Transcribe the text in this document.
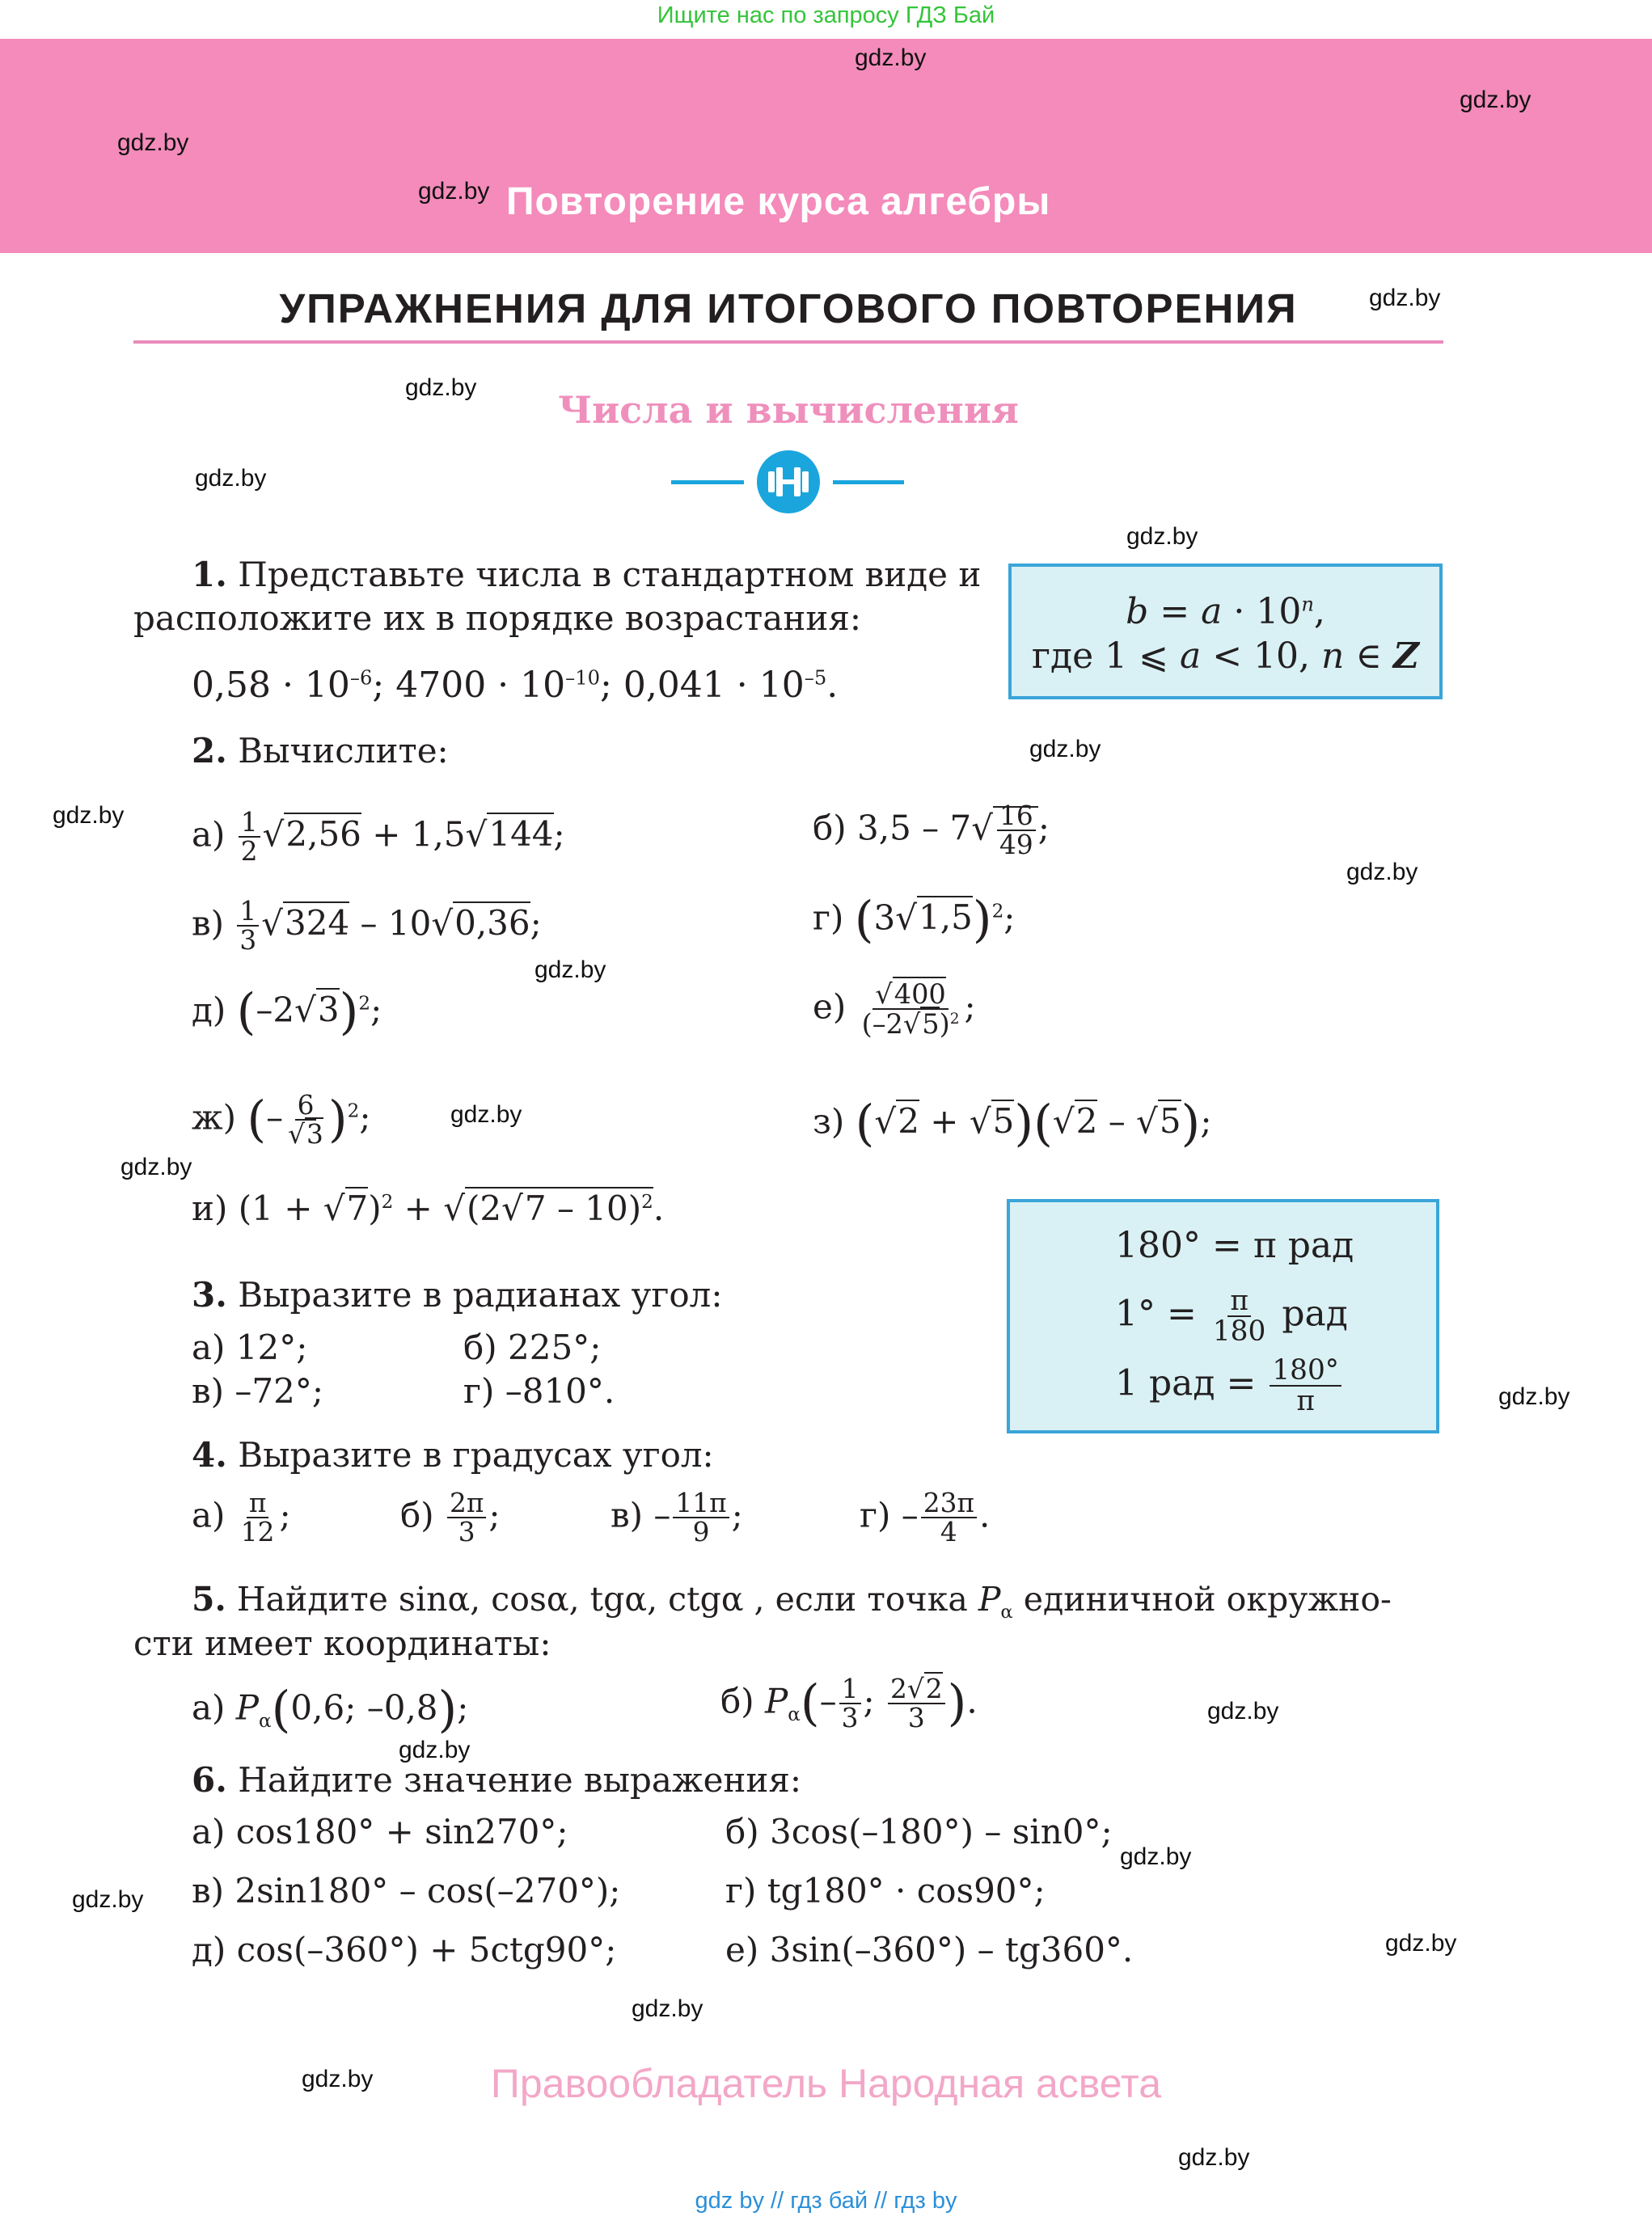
Ищите нас по запросу ГДЗ Бай
Повторение курса алгебры
УПРАЖНЕНИЯ ДЛЯ ИТОГОВОГО ПОВТОРЕНИЯ
Числа и вычисления
gdz.by
gdz.by
gdz.by
gdz.by
gdz.by
gdz.by
gdz.by
gdz.by
gdz.by
gdz.by
gdz.by
gdz.by
gdz.by
gdz.by
gdz.by
gdz.by
gdz.by
gdz.by
gdz.by
gdz.by
gdz.by
gdz.by
gdz.by
$b = a \cdot 10^n$,
где 1 ⩽ a < 10, n ∈ Z
1. Представьте числа в стандартном виде и
расположите их в порядке возрастания:
$0,58 \cdot 10^{-6}$; $4700 \cdot 10^{-10}$; $0,041 \cdot 10^{-5}$.
2. Вычислите:
$а) \frac{1}{2} √2,56 + 1,5√144$;	б) $3,5 - 7√ \frac{16}{49}$ ;
$в) \frac{1}{3} √324 - 10√0,36$;	г) $(3√1,5)^2$;
д) $(-2√3)^2$;	$е) \frac{√400}{(-2√5)^2}$ ;
ж) (– $\frac{6}{√3} )^2$;	з) (√2 + √5)(√2 – √5);
и) $(1 + √7)^2 + √(2√7 - 10)^2$.
180° = π рад
$1^\circ = \frac{\pi}{180}$ рад
1 рад = $\frac{180^\circ}{\pi}$
3. Выразите в радианах угол:
а) 12°;	б) 225°;
в) –72°;	г) –810°.
4. Выразите в градусах угол:
$а) \frac{\pi}{12}$ ;	$б) \frac{2\pi}{3}$ ;	$в) - \frac{11\pi}{9}$ ;	$г) - \frac{23\pi}{4}$ .
5. Найдите sinα, cosα, tgα, ctgα , если точка $P_\alpha$ единичной окружно-
сти имеет координаты:
а) $P_\alpha(0,6$; –0,8);	б) $P_\alpha(- \frac{1}{3}$ ; $\frac{2√2}{3}$ ).
6. Найдите значение выражения:
а) cos180° + sin270°;	б) 3cos(–180°) – sin0°;
в) 2sin180° – cos(–270°);	г) tg180° · cos90°;
д) cos(–360°) + 5ctg90°;	е) 3sin(–360°) – tg360°.
Правообладатель Народная асвета
gdz by // гдз бай // гдз by
